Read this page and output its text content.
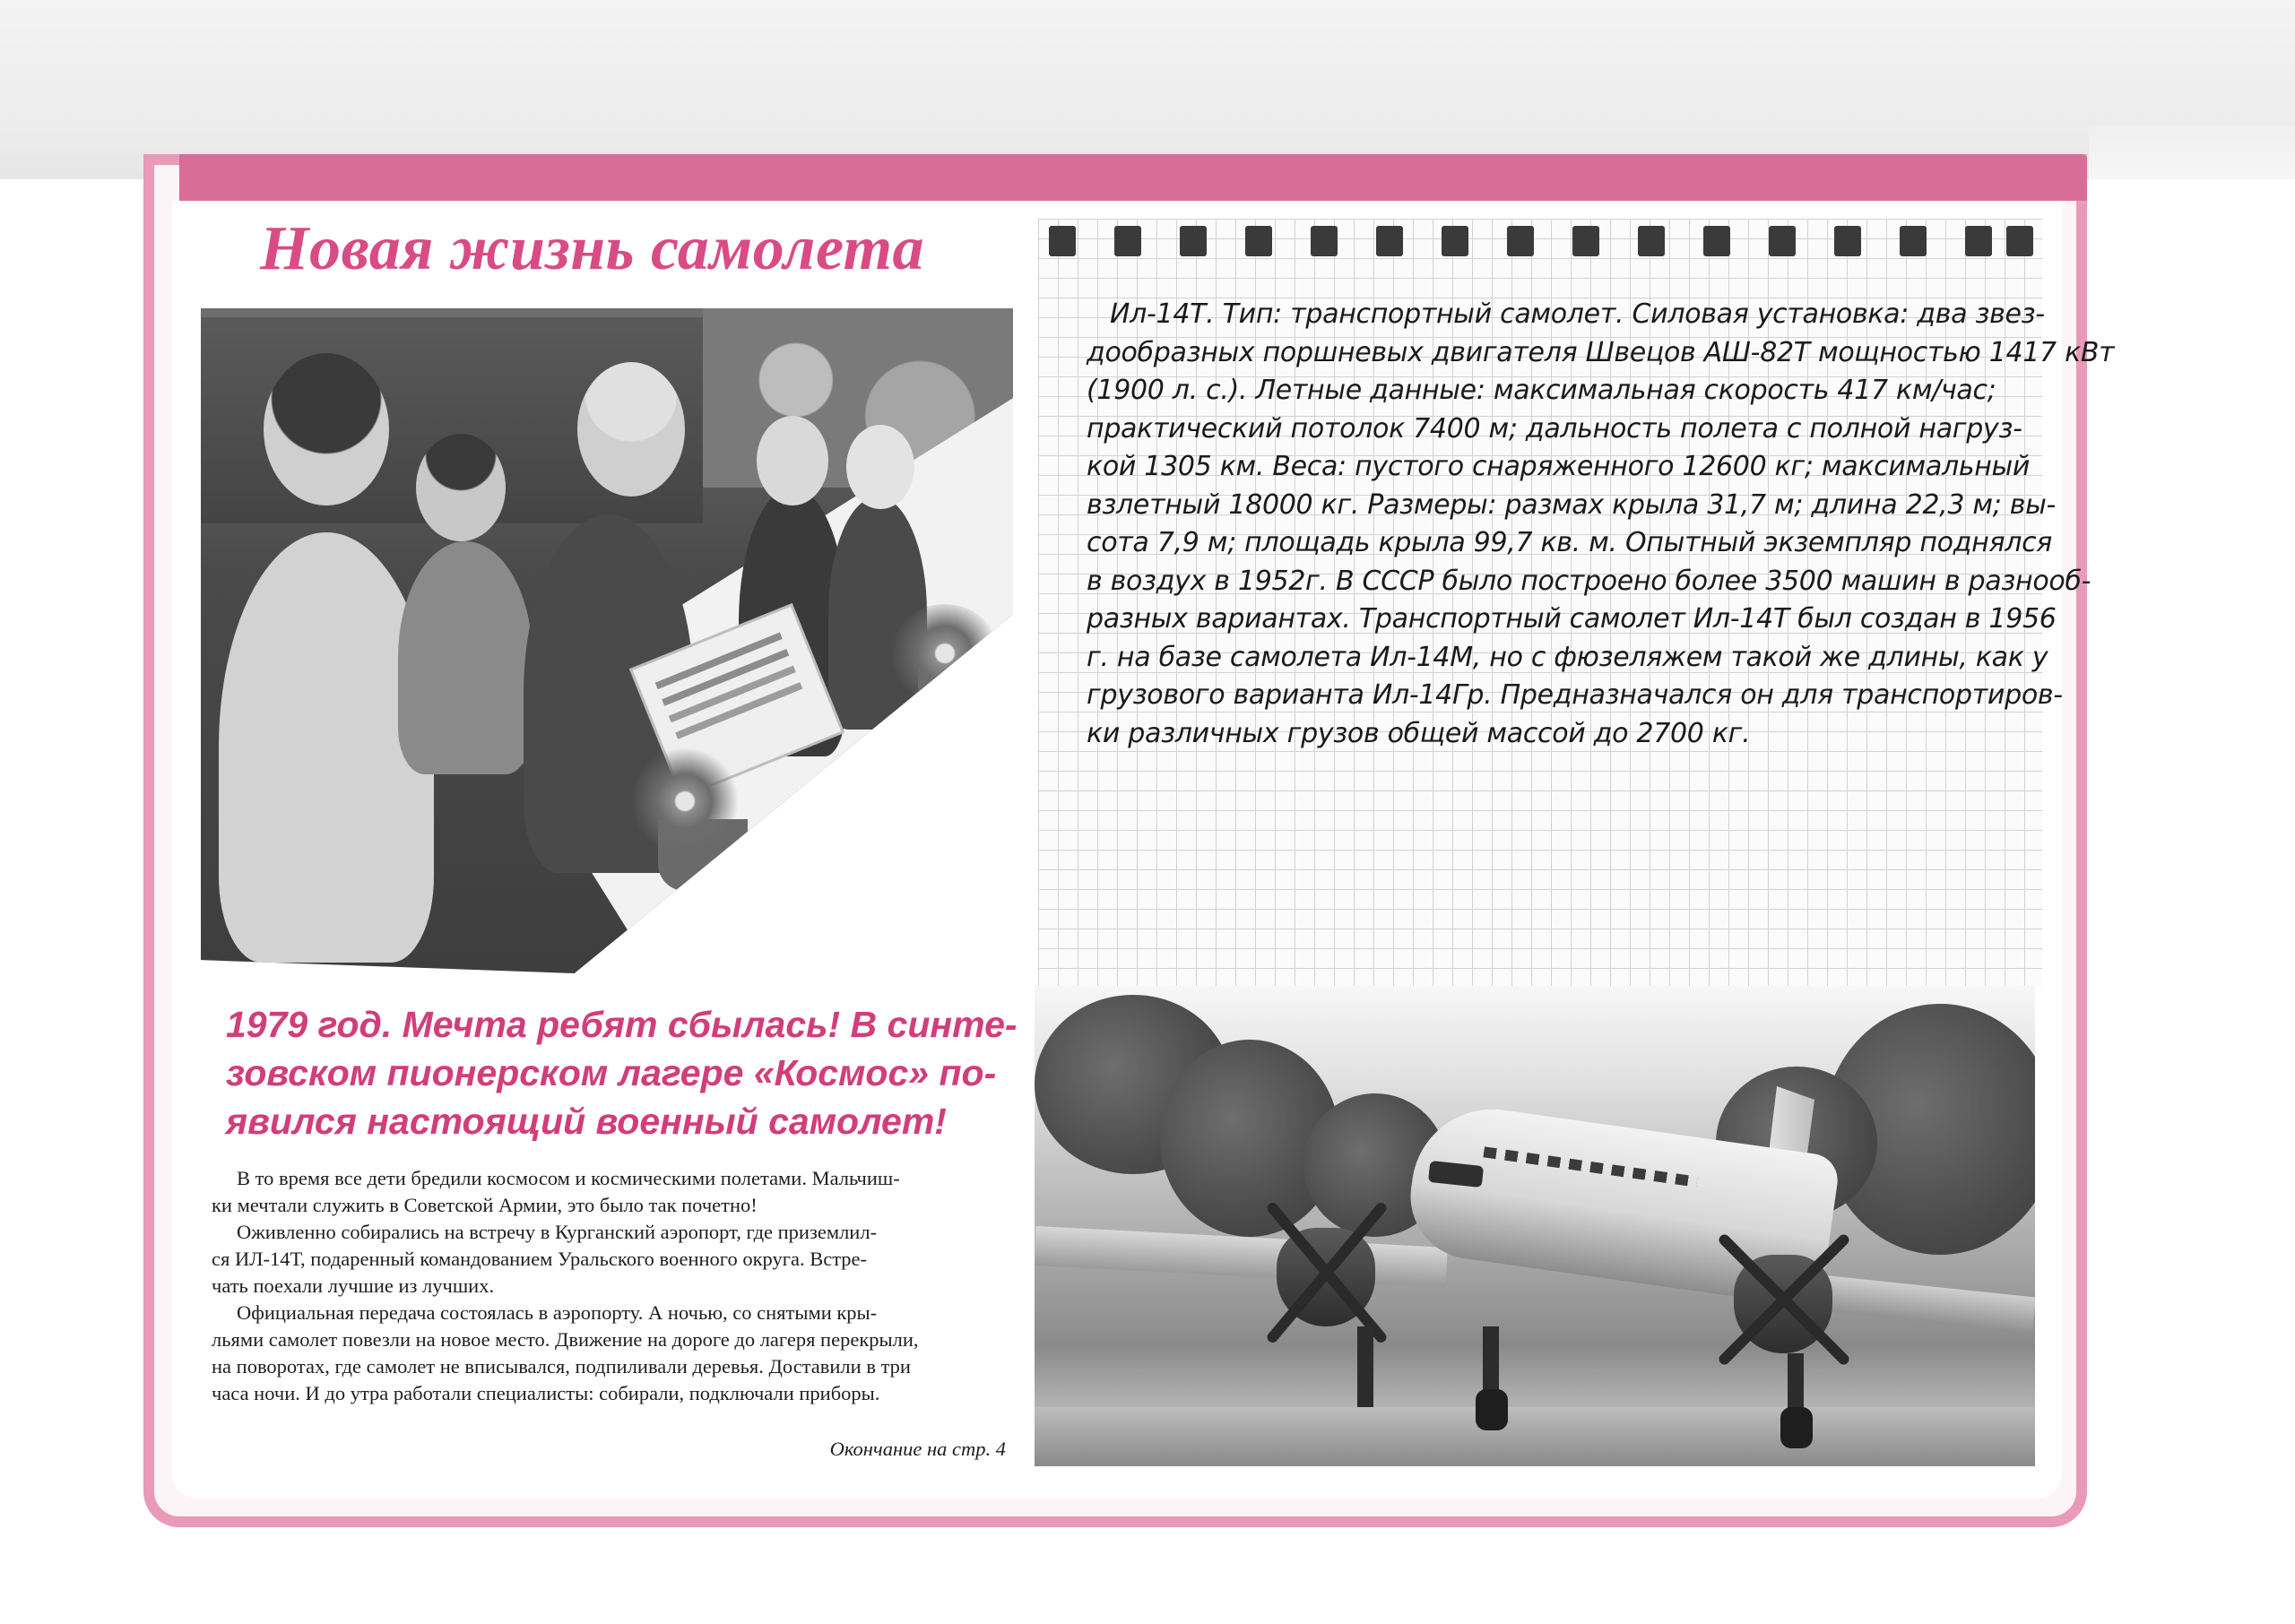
Новая жизнь самолета
1979 год. Мечта ребят сбылась! В синте-
зовском пионерском лагере «Космос» по-
явился настоящий военный самолет!

В то время все дети бредили космосом и космическими полетами. Мальчиш-

ки мечтали служить в Советской Армии, это было так почетно!

Оживленно собирались на встречу в Курганский аэропорт, где приземлил-

ся ИЛ-14Т, подаренный командованием Уральского военного округа. Встре-

чать поехали лучшие из лучших.

Официальная передача состоялась в аэропорту. А ночью, со снятыми кры-

льями самолет повезли на новое место. Движение на дороге до лагеря перекрыли,

на поворотах, где самолет не вписывался, подпиливали деревья. Доставили в три

часа ночи. И до утра работали специалисты: собирали, подключали приборы.

Окончание на стр. 4
Ил-14Т. Тип: транспортный самолет. Силовая установка: два звез-
дообразных поршневых двигателя Швецов АШ-82Т мощностью 1417 кВт
(1900 л. с.). Летные данные: максимальная скорость 417 км/час;
практический потолок 7400 м; дальность полета с полной нагруз-
кой 1305 км. Веса: пустого снаряженного 12600 кг; максимальный
взлетный 18000 кг. Размеры: размах крыла 31,7 м; длина 22,3 м; вы-
сота 7,9 м; площадь крыла 99,7 кв. м. Опытный экземпляр поднялся
в воздух в 1952г. В СССР было построено более 3500 машин в разнооб-
разных вариантах. Транспортный самолет Ил-14Т был создан в 1956
г. на базе самолета Ил-14М, но с фюзеляжем такой же длины, как у
грузового варианта Ил-14Гр. Предназначался он для транспортиров-
ки различных грузов общей массой до 2700 кг.
